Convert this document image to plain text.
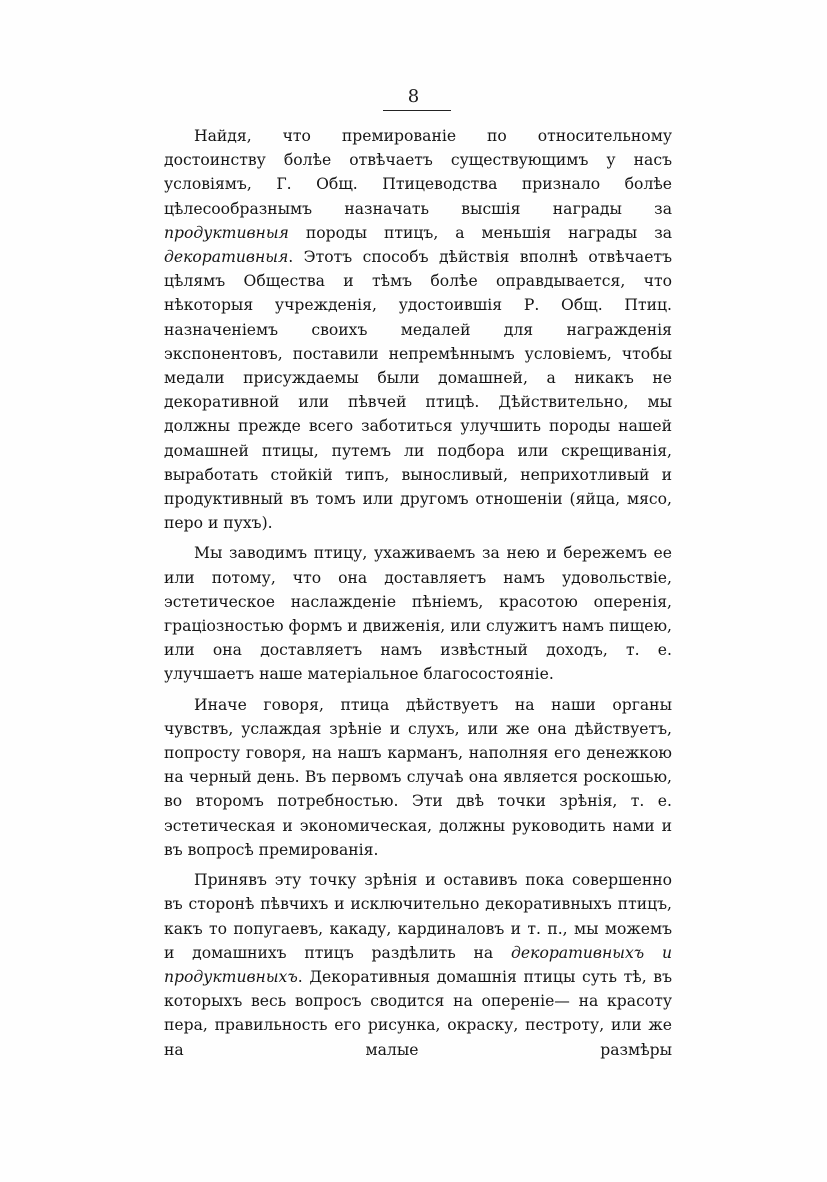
8

Найдя, что премированіе по относительному достоинству болѣе отвѣчаетъ существующимъ у насъ условіямъ, Г. Общ. Птицеводства признало болѣе цѣлесообразнымъ назначать высшія награды за продуктивныя породы птицъ, а меньшія награды за декоративныя. Этотъ способъ дѣйствія вполнѣ отвѣчаетъ цѣлямъ Общества и тѣмъ болѣе оправдывается, что нѣкоторыя учрежденія, удостоившія Р. Общ. Птиц. назначеніемъ своихъ медалей для награжденія экспонентовъ, поставили непремѣннымъ условіемъ, чтобы медали присуждаемы были домашней, а никакъ не декоративной или пѣвчей птицѣ. Дѣйствительно, мы должны прежде всего заботиться улучшить породы нашей домашней птицы, путемъ ли подбора или скрещиванія, выработать стойкій типъ, выносливый, неприхотливый и продуктивный въ томъ или другомъ отношеніи (яйца, мясо, перо и пухъ).

Мы заводимъ птицу, ухаживаемъ за нею и бережемъ ее или потому, что она доставляетъ намъ удовольствіе, эстетическое наслажденіе пѣніемъ, красотою оперенія, граціозностью формъ и движенія, или служитъ намъ пищею, или она доставляетъ намъ извѣстный доходъ, т. е. улучшаетъ наше матеріальное благосостояніе.

Иначе говоря, птица дѣйствуетъ на наши органы чувствъ, услаждая зрѣніе и слухъ, или же она дѣйствуетъ, попросту говоря, на нашъ карманъ, наполняя его денежкою на черный день. Въ первомъ случаѣ она является роскошью, во второмъ потребностью. Эти двѣ точки зрѣнія, т. е. эстетическая и экономическая, должны руководить нами и въ вопросѣ премированія.

Принявъ эту точку зрѣнія и оставивъ пока совершенно въ сторонѣ пѣвчихъ и исключительно декоративныхъ птицъ, какъ то попугаевъ, какаду, кардиналовъ и т. п., мы можемъ и домашнихъ птицъ раздѣлить на декоративныхъ и продуктивныхъ. Декоративныя домашнія птицы суть тѣ, въ которыхъ весь вопросъ сводится на опереніе— на красоту пера, правильность его рисунка, окраску, пестроту, или же на малые размѣры
